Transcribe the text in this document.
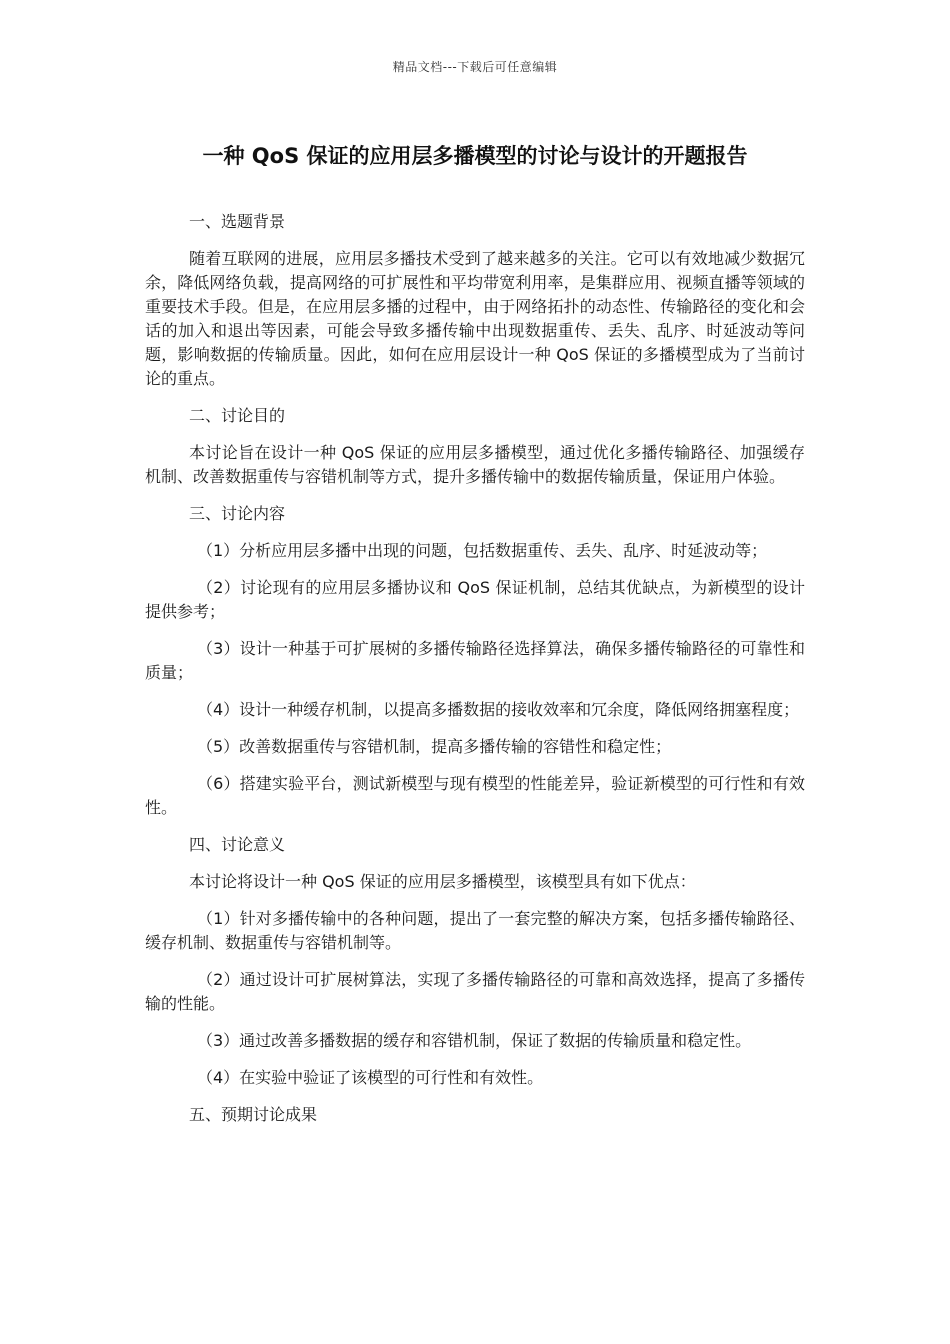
精品文档---下载后可任意编辑
一种 QoS 保证的应用层多播模型的讨论与设计的开题报告

一、选题背景

随着互联网的进展，应用层多播技术受到了越来越多的关注。它可以有效地减少数据冗余，降低网络负载，提高网络的可扩展性和平均带宽利用率，是集群应用、视频直播等领域的重要技术手段。但是，在应用层多播的过程中，由于网络拓扑的动态性、传输路径的变化和会话的加入和退出等因素，可能会导致多播传输中出现数据重传、丢失、乱序、时延波动等问题，影响数据的传输质量。因此，如何在应用层设计一种 QoS 保证的多播模型成为了当前讨论的重点。

二、讨论目的

本讨论旨在设计一种 QoS 保证的应用层多播模型，通过优化多播传输路径、加强缓存机制、改善数据重传与容错机制等方式，提升多播传输中的数据传输质量，保证用户体验。

三、讨论内容

（1）分析应用层多播中出现的问题，包括数据重传、丢失、乱序、时延波动等；

（2）讨论现有的应用层多播协议和 QoS 保证机制，总结其优缺点，为新模型的设计提供参考；

（3）设计一种基于可扩展树的多播传输路径选择算法，确保多播传输路径的可靠性和质量；

（4）设计一种缓存机制，以提高多播数据的接收效率和冗余度，降低网络拥塞程度；

（5）改善数据重传与容错机制，提高多播传输的容错性和稳定性；

（6）搭建实验平台，测试新模型与现有模型的性能差异，验证新模型的可行性和有效性。

四、讨论意义

本讨论将设计一种 QoS 保证的应用层多播模型，该模型具有如下优点：

（1）针对多播传输中的各种问题，提出了一套完整的解决方案，包括多播传输路径、缓存机制、数据重传与容错机制等。

（2）通过设计可扩展树算法，实现了多播传输路径的可靠和高效选择，提高了多播传输的性能。

（3）通过改善多播数据的缓存和容错机制，保证了数据的传输质量和稳定性。

（4）在实验中验证了该模型的可行性和有效性。

五、预期讨论成果
